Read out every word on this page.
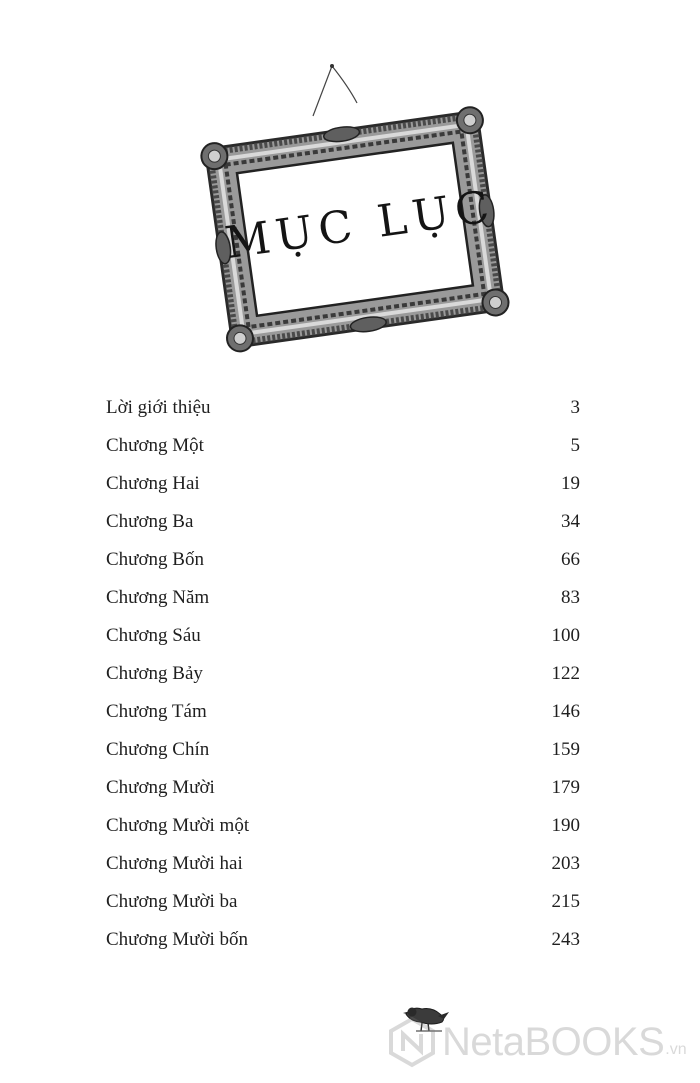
MỤC LỤC
Lời giới thiệu	3
Chương Một	5
Chương Hai	19
Chương Ba	34
Chương Bốn	66
Chương Năm	83
Chương Sáu	100
Chương Bảy	122
Chương Tám	146
Chương Chín	159
Chương Mười	179
Chương Mười một	190
Chương Mười hai	203
Chương Mười ba	215
Chương Mười bốn	243
NetaBOOKS .vn
